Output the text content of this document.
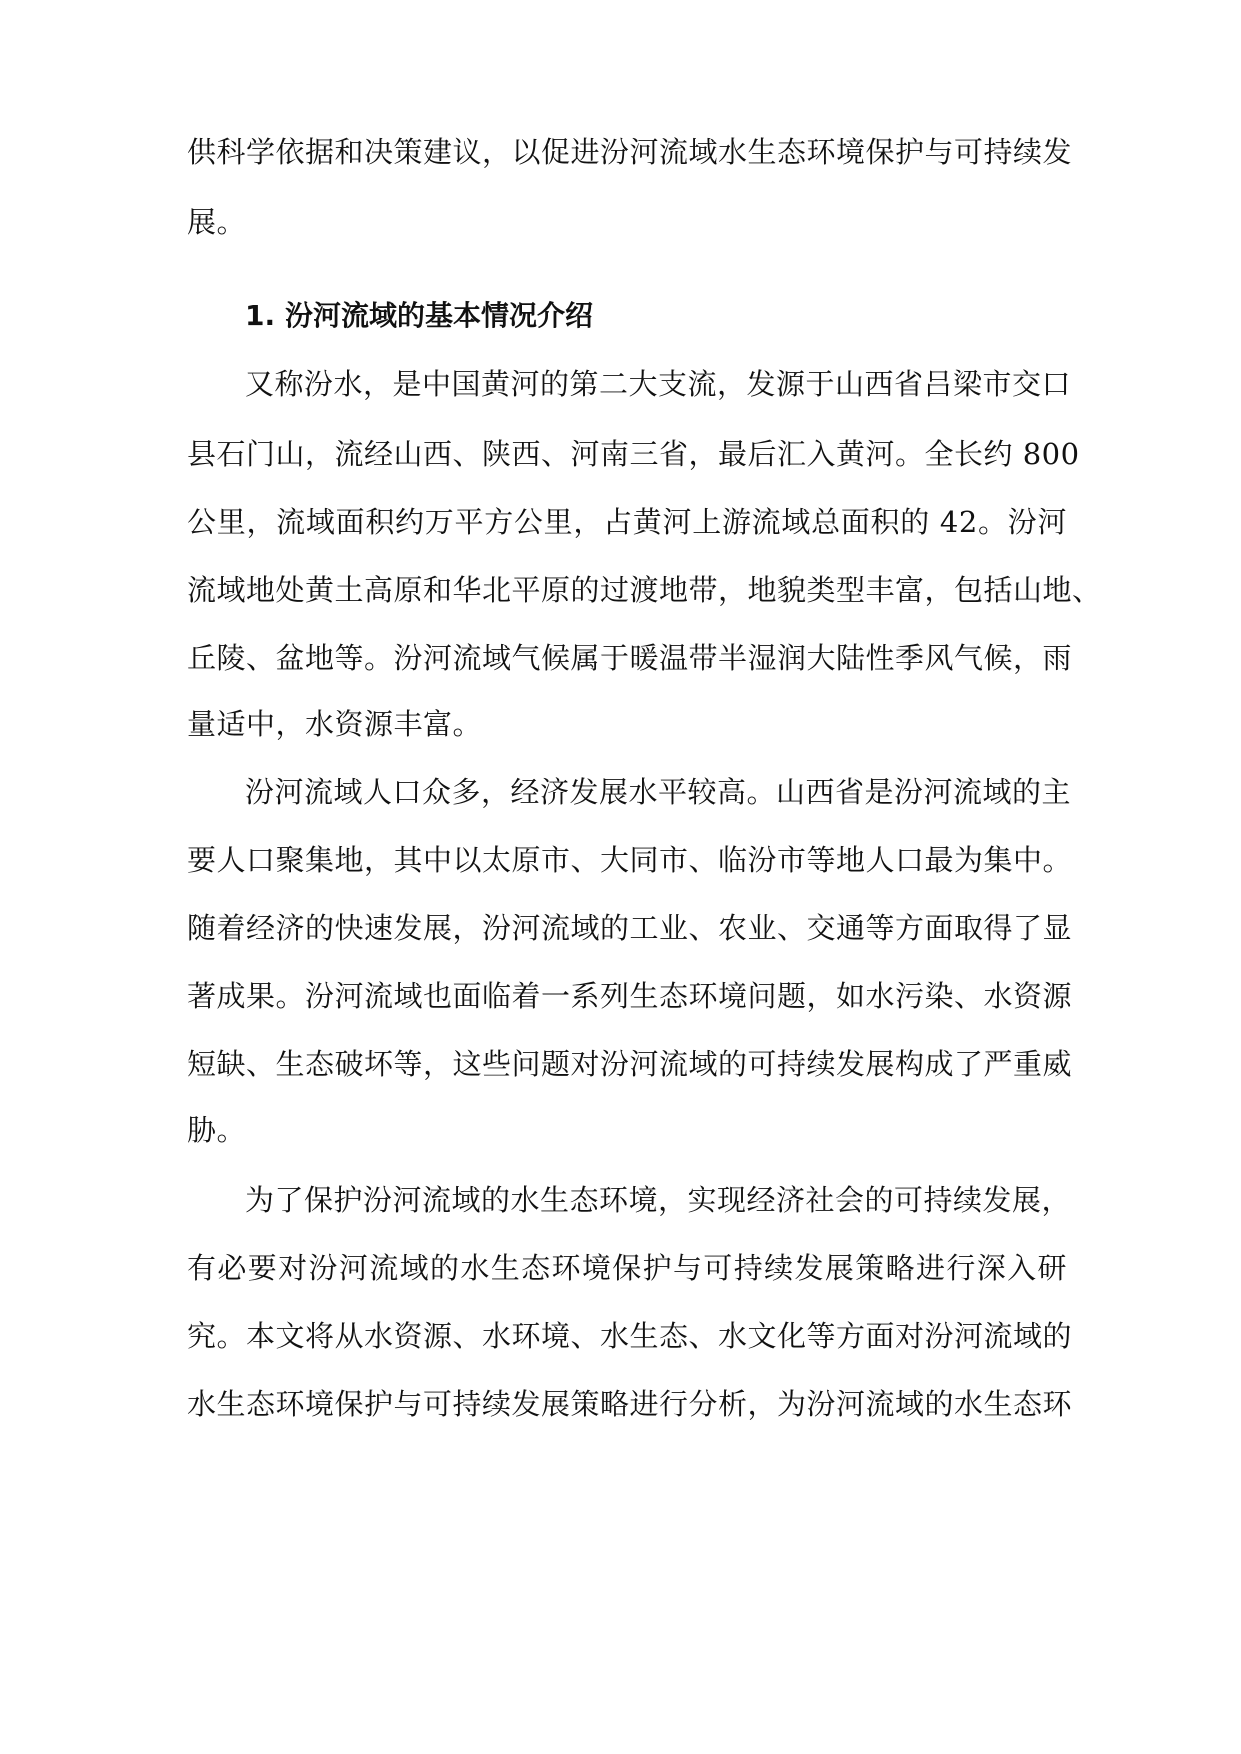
供科学依据和决策建议，以促进汾河流域水生态环境保护与可持续发
展。
1. 汾河流域的基本情况介绍
又称汾水，是中国黄河的第二大支流，发源于山西省吕梁市交口
县石门山，流经山西、陕西、河南三省，最后汇入黄河。全长约 800
公里，流域面积约万平方公里，占黄河上游流域总面积的 42。汾河
流域地处黄土高原和华北平原的过渡地带，地貌类型丰富，包括山地、
丘陵、盆地等。汾河流域气候属于暖温带半湿润大陆性季风气候，雨
量适中，水资源丰富。
汾河流域人口众多，经济发展水平较高。山西省是汾河流域的主
要人口聚集地，其中以太原市、大同市、临汾市等地人口最为集中。
随着经济的快速发展，汾河流域的工业、农业、交通等方面取得了显
著成果。汾河流域也面临着一系列生态环境问题，如水污染、水资源
短缺、生态破坏等，这些问题对汾河流域的可持续发展构成了严重威
胁。
为了保护汾河流域的水生态环境，实现经济社会的可持续发展，
有必要对汾河流域的水生态环境保护与可持续发展策略进行深入研
究。本文将从水资源、水环境、水生态、水文化等方面对汾河流域的
水生态环境保护与可持续发展策略进行分析，为汾河流域的水生态环
